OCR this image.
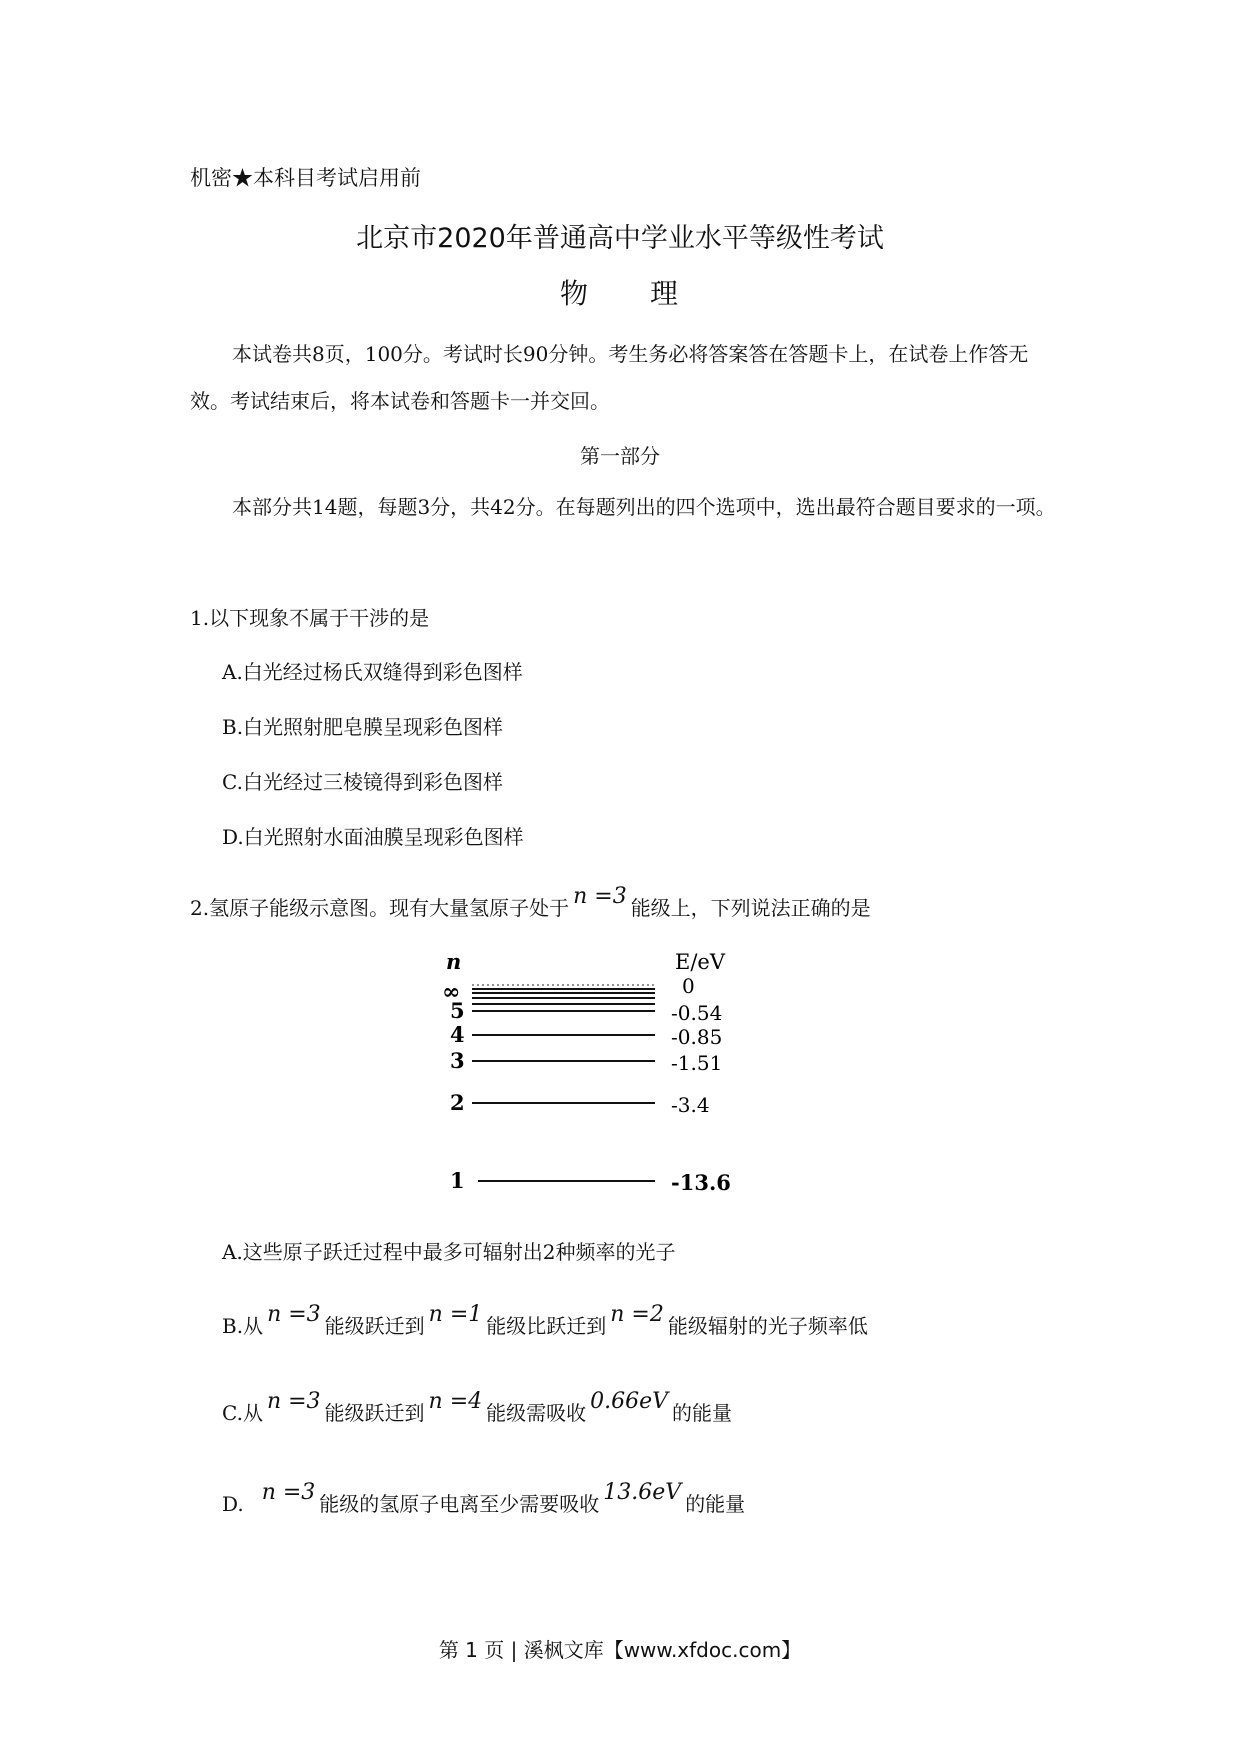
机密★本科目考试启用前
北京市2020年普通高中学业水平等级性考试
物 理
本试卷共8页，100分。考试时长90分钟。考生务必将答案答在答题卡上，在试卷上作答无效。考试结束后，将本试卷和答题卡一并交回。
第一部分
本部分共14题，每题3分，共42分。在每题列出的四个选项中，选出最符合题目要求的一项。
1.以下现象不属于干涉的是
A.白光经过杨氏双缝得到彩色图样
B.白光照射肥皂膜呈现彩色图样
C.白光经过三棱镜得到彩色图样
D.白光照射水面油膜呈现彩色图样
2.氢原子能级示意图。现有大量氢原子处于 n =3 能级上，下列说法正确的是
n	E/eV
∞
5
4
3
2
1
0
-0.54
-0.85
-1.51
-3.4
-13.6
A.这些原子跃迁过程中最多可辐射出2种频率的光子
B.从 n =3 能级跃迁到 n =1 能级比跃迁到 n =2 能级辐射的光子频率低
C.从 n =3 能级跃迁到 n =4 能级需吸收 0.66eV 的能量
D. n =3 能级的氢原子电离至少需要吸收 13.6eV 的能量
第 1 页 | 溪枫文库【www.xfdoc.com】
